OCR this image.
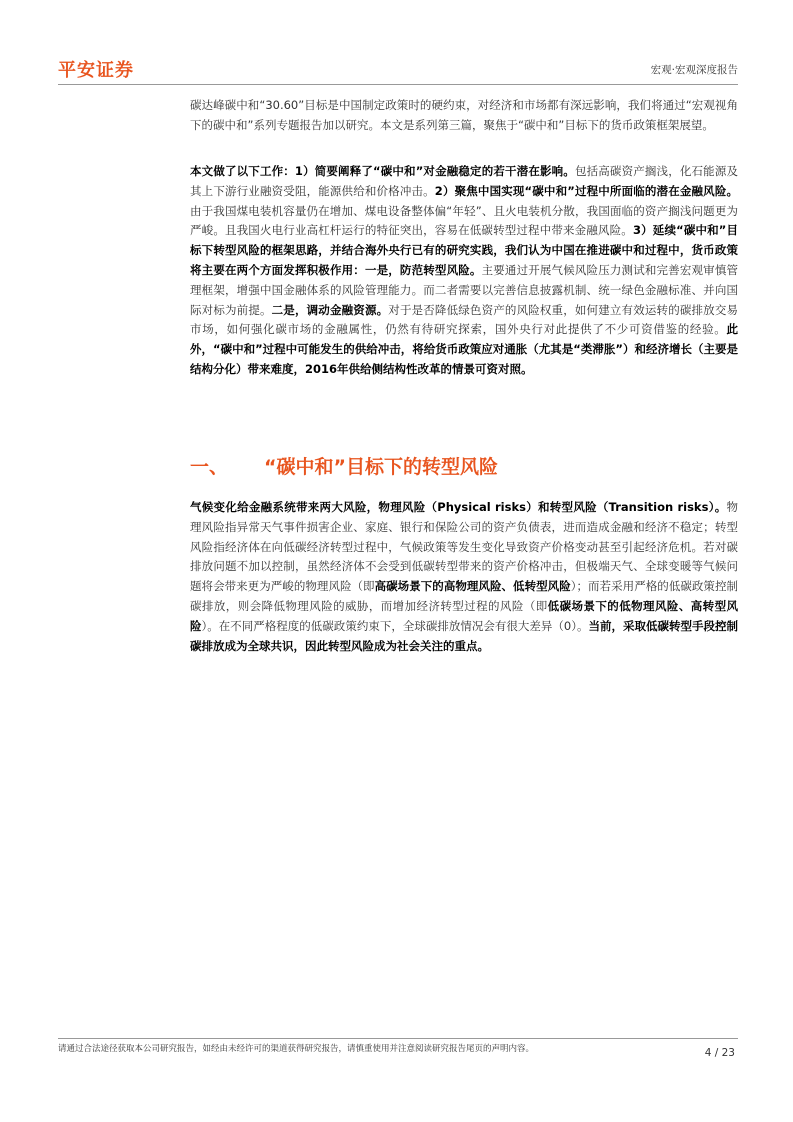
平安证券	宏观·宏观深度报告

碳达峰碳中和“30.60”目标是中国制定政策时的硬约束，对经济和市场都有深远影响，我们将通过“宏观视角下的碳中和”系列专题报告加以研究。本文是系列第三篇，聚焦于“碳中和”目标下的货币政策框架展望。

本文做了以下工作：1）简要阐释了“碳中和”对金融稳定的若干潜在影响。包括高碳资产搁浅，化石能源及其上下游行业融资受阻，能源供给和价格冲击。2）聚焦中国实现“碳中和”过程中所面临的潜在金融风险。由于我国煤电装机容量仍在增加、煤电设备整体偏“年轻”、且火电装机分散，我国面临的资产搁浅问题更为严峻。且我国火电行业高杠杆运行的特征突出，容易在低碳转型过程中带来金融风险。3）延续“碳中和”目标下转型风险的框架思路，并结合海外央行已有的研究实践，我们认为中国在推进碳中和过程中，货币政策将主要在两个方面发挥积极作用：一是，防范转型风险。主要通过开展气候风险压力测试和完善宏观审慎管理框架，增强中国金融体系的风险管理能力。而二者需要以完善信息披露机制、统一绿色金融标准、并向国际对标为前提。二是，调动金融资源。对于是否降低绿色资产的风险权重，如何建立有效运转的碳排放交易市场，如何强化碳市场的金融属性，仍然有待研究探索，国外央行对此提供了不少可资借鉴的经验。此外，“碳中和”过程中可能发生的供给冲击，将给货币政策应对通胀（尤其是“类滞胀”）和经济增长（主要是结构分化）带来难度，2016年供给侧结构性改革的情景可资对照。

一、 “碳中和”目标下的转型风险

气候变化给金融系统带来两大风险，物理风险（Physical risks）和转型风险（Transition risks）。物理风险指异常天气事件损害企业、家庭、银行和保险公司的资产负债表，进而造成金融和经济不稳定；转型风险指经济体在向低碳经济转型过程中，气候政策等发生变化导致资产价格变动甚至引起经济危机。若对碳排放问题不加以控制，虽然经济体不会受到低碳转型带来的资产价格冲击，但极端天气、全球变暖等气候问题将会带来更为严峻的物理风险（即高碳场景下的高物理风险、低转型风险）；而若采用严格的低碳政策控制碳排放，则会降低物理风险的威胁，而增加经济转型过程的风险（即低碳场景下的低物理风险、高转型风险）。在不同严格程度的低碳政策约束下，全球碳排放情况会有很大差异（0）。当前，采取低碳转型手段控制碳排放成为全球共识，因此转型风险成为社会关注的重点。

请通过合法途径获取本公司研究报告，如经由未经许可的渠道获得研究报告，请慎重使用并注意阅读研究报告尾页的声明内容。	4 / 23
